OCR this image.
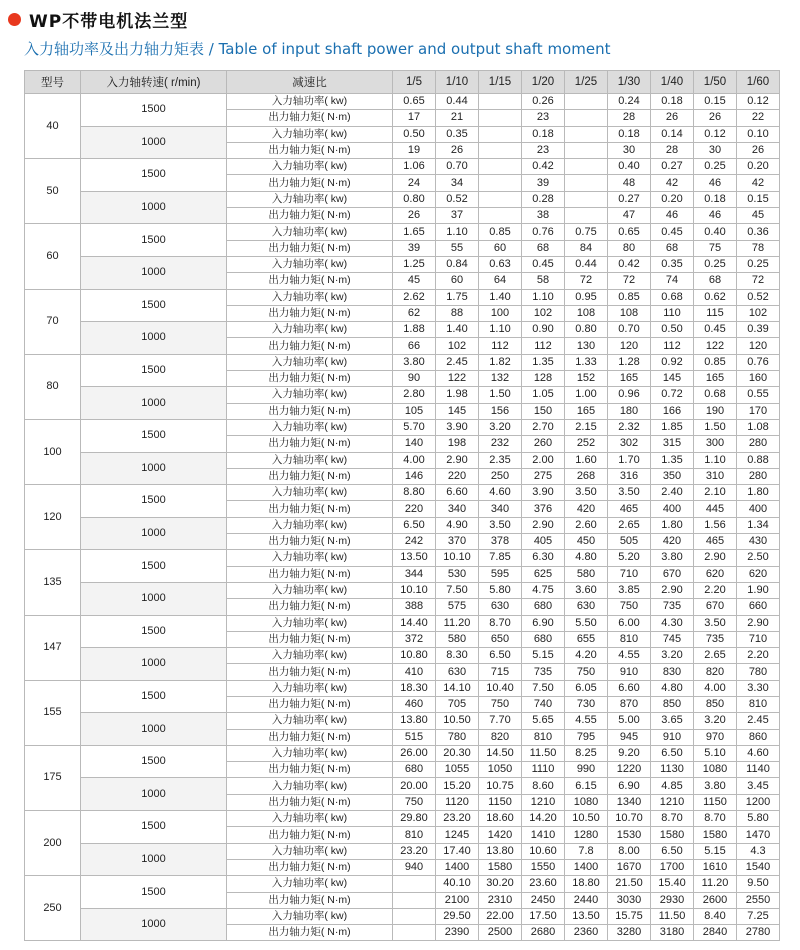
WP不带电机法兰型
入力轴功率及出力轴力矩表 / Table of input shaft power and output shaft moment
型号	入力轴转速( r/min)	减速比	1/5	1/10	1/15	1/20	1/25	1/30	1/40	1/50	1/60
40	1500	入力轴功率( kw)	0.65	0.44		0.26		0.24	0.18	0.15	0.12
		出力轴力矩( N·m)	17	21		23		28	26	26	22
	1000	入力轴功率( kw)	0.50	0.35		0.18		0.18	0.14	0.12	0.10
		出力轴力矩( N·m)	19	26		23		30	28	30	26
50	1500	入力轴功率( kw)	1.06	0.70		0.42		0.40	0.27	0.25	0.20
		出力轴力矩( N·m)	24	34		39		48	42	46	42
	1000	入力轴功率( kw)	0.80	0.52		0.28		0.27	0.20	0.18	0.15
		出力轴力矩( N·m)	26	37		38		47	46	46	45
60	1500	入力轴功率( kw)	1.65	1.10	0.85	0.76	0.75	0.65	0.45	0.40	0.36
		出力轴力矩( N·m)	39	55	60	68	84	80	68	75	78
	1000	入力轴功率( kw)	1.25	0.84	0.63	0.45	0.44	0.42	0.35	0.25	0.25
		出力轴力矩( N·m)	45	60	64	58	72	72	74	68	72
70	1500	入力轴功率( kw)	2.62	1.75	1.40	1.10	0.95	0.85	0.68	0.62	0.52
		出力轴力矩( N·m)	62	88	100	102	108	108	110	115	102
	1000	入力轴功率( kw)	1.88	1.40	1.10	0.90	0.80	0.70	0.50	0.45	0.39
		出力轴力矩( N·m)	66	102	112	112	130	120	112	122	120
80	1500	入力轴功率( kw)	3.80	2.45	1.82	1.35	1.33	1.28	0.92	0.85	0.76
		出力轴力矩( N·m)	90	122	132	128	152	165	145	165	160
	1000	入力轴功率( kw)	2.80	1.98	1.50	1.05	1.00	0.96	0.72	0.68	0.55
		出力轴力矩( N·m)	105	145	156	150	165	180	166	190	170
100	1500	入力轴功率( kw)	5.70	3.90	3.20	2.70	2.15	2.32	1.85	1.50	1.08
		出力轴力矩( N·m)	140	198	232	260	252	302	315	300	280
	1000	入力轴功率( kw)	4.00	2.90	2.35	2.00	1.60	1.70	1.35	1.10	0.88
		出力轴力矩( N·m)	146	220	250	275	268	316	350	310	280
120	1500	入力轴功率( kw)	8.80	6.60	4.60	3.90	3.50	3.50	2.40	2.10	1.80
		出力轴力矩( N·m)	220	340	340	376	420	465	400	445	400
	1000	入力轴功率( kw)	6.50	4.90	3.50	2.90	2.60	2.65	1.80	1.56	1.34
		出力轴力矩( N·m)	242	370	378	405	450	505	420	465	430
135	1500	入力轴功率( kw)	13.50	10.10	7.85	6.30	4.80	5.20	3.80	2.90	2.50
		出力轴力矩( N·m)	344	530	595	625	580	710	670	620	620
	1000	入力轴功率( kw)	10.10	7.50	5.80	4.75	3.60	3.85	2.90	2.20	1.90
		出力轴力矩( N·m)	388	575	630	680	630	750	735	670	660
147	1500	入力轴功率( kw)	14.40	11.20	8.70	6.90	5.50	6.00	4.30	3.50	2.90
		出力轴力矩( N·m)	372	580	650	680	655	810	745	735	710
	1000	入力轴功率( kw)	10.80	8.30	6.50	5.15	4.20	4.55	3.20	2.65	2.20
		出力轴力矩( N·m)	410	630	715	735	750	910	830	820	780
155	1500	入力轴功率( kw)	18.30	14.10	10.40	7.50	6.05	6.60	4.80	4.00	3.30
		出力轴力矩( N·m)	460	705	750	740	730	870	850	850	810
	1000	入力轴功率( kw)	13.80	10.50	7.70	5.65	4.55	5.00	3.65	3.20	2.45
		出力轴力矩( N·m)	515	780	820	810	795	945	910	970	860
175	1500	入力轴功率( kw)	26.00	20.30	14.50	11.50	8.25	9.20	6.50	5.10	4.60
		出力轴力矩( N·m)	680	1055	1050	1110	990	1220	1130	1080	1140
	1000	入力轴功率( kw)	20.00	15.20	10.75	8.60	6.15	6.90	4.85	3.80	3.45
		出力轴力矩( N·m)	750	1120	1150	1210	1080	1340	1210	1150	1200
200	1500	入力轴功率( kw)	29.80	23.20	18.60	14.20	10.50	10.70	8.70	8.70	5.80
		出力轴力矩( N·m)	810	1245	1420	1410	1280	1530	1580	1580	1470
	1000	入力轴功率( kw)	23.20	17.40	13.80	10.60	7.8	8.00	6.50	5.15	4.3
		出力轴力矩( N·m)	940	1400	1580	1550	1400	1670	1700	1610	1540
250	1500	入力轴功率( kw)		40.10	30.20	23.60	18.80	21.50	15.40	11.20	9.50
		出力轴力矩( N·m)		2100	2310	2450	2440	3030	2930	2600	2550
	1000	入力轴功率( kw)		29.50	22.00	17.50	13.50	15.75	11.50	8.40	7.25
		出力轴力矩( N·m)		2390	2500	2680	2360	3280	3180	2840	2780
